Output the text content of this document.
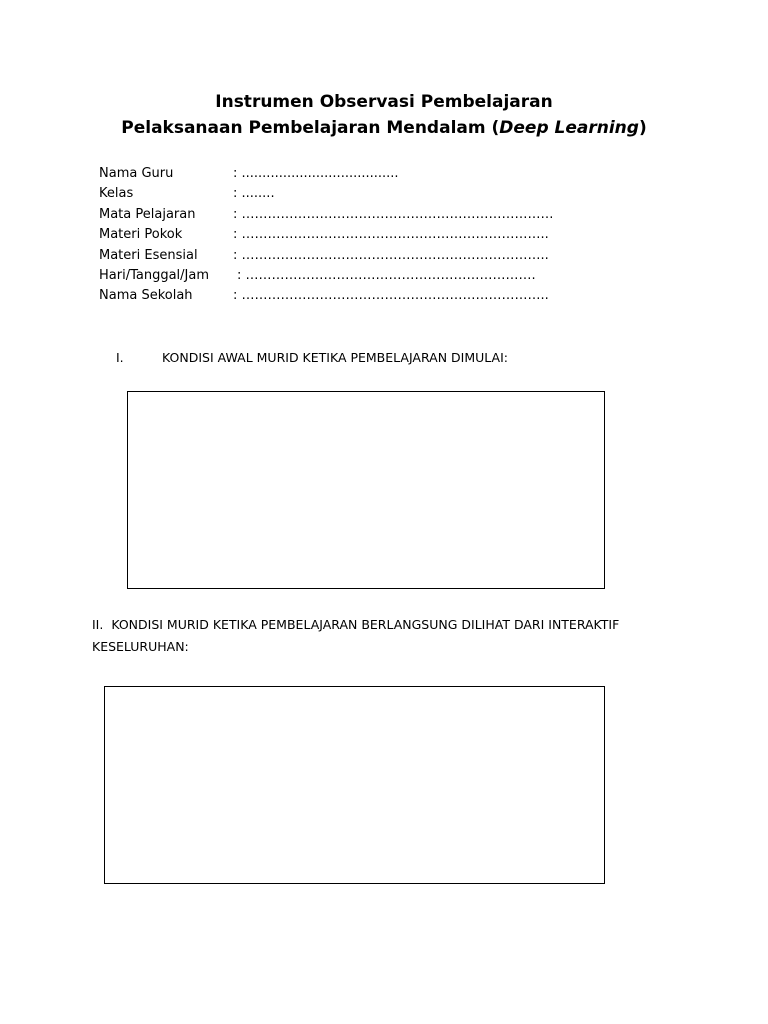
Instrumen Observasi Pembelajaran
Pelaksanaan Pembelajaran Mendalam (Deep Learning)
Nama Guru	: ......................................
Kelas	: ........
Mata Pelajaran	: ………………………………………………………………
Materi Pokok	: ……………………………………………………………..
Materi Esensial	: ……………………………………………………………..
Hari/Tanggal/Jam : ………………………………………………………….
Nama Sekolah	: ……………………………………………………………..
I.	KONDISI AWAL MURID KETIKA PEMBELAJARAN DIMULAI:
II. KONDISI MURID KETIKA PEMBELAJARAN BERLANGSUNG DILIHAT DARI INTERAKTIF KESELURUHAN:
